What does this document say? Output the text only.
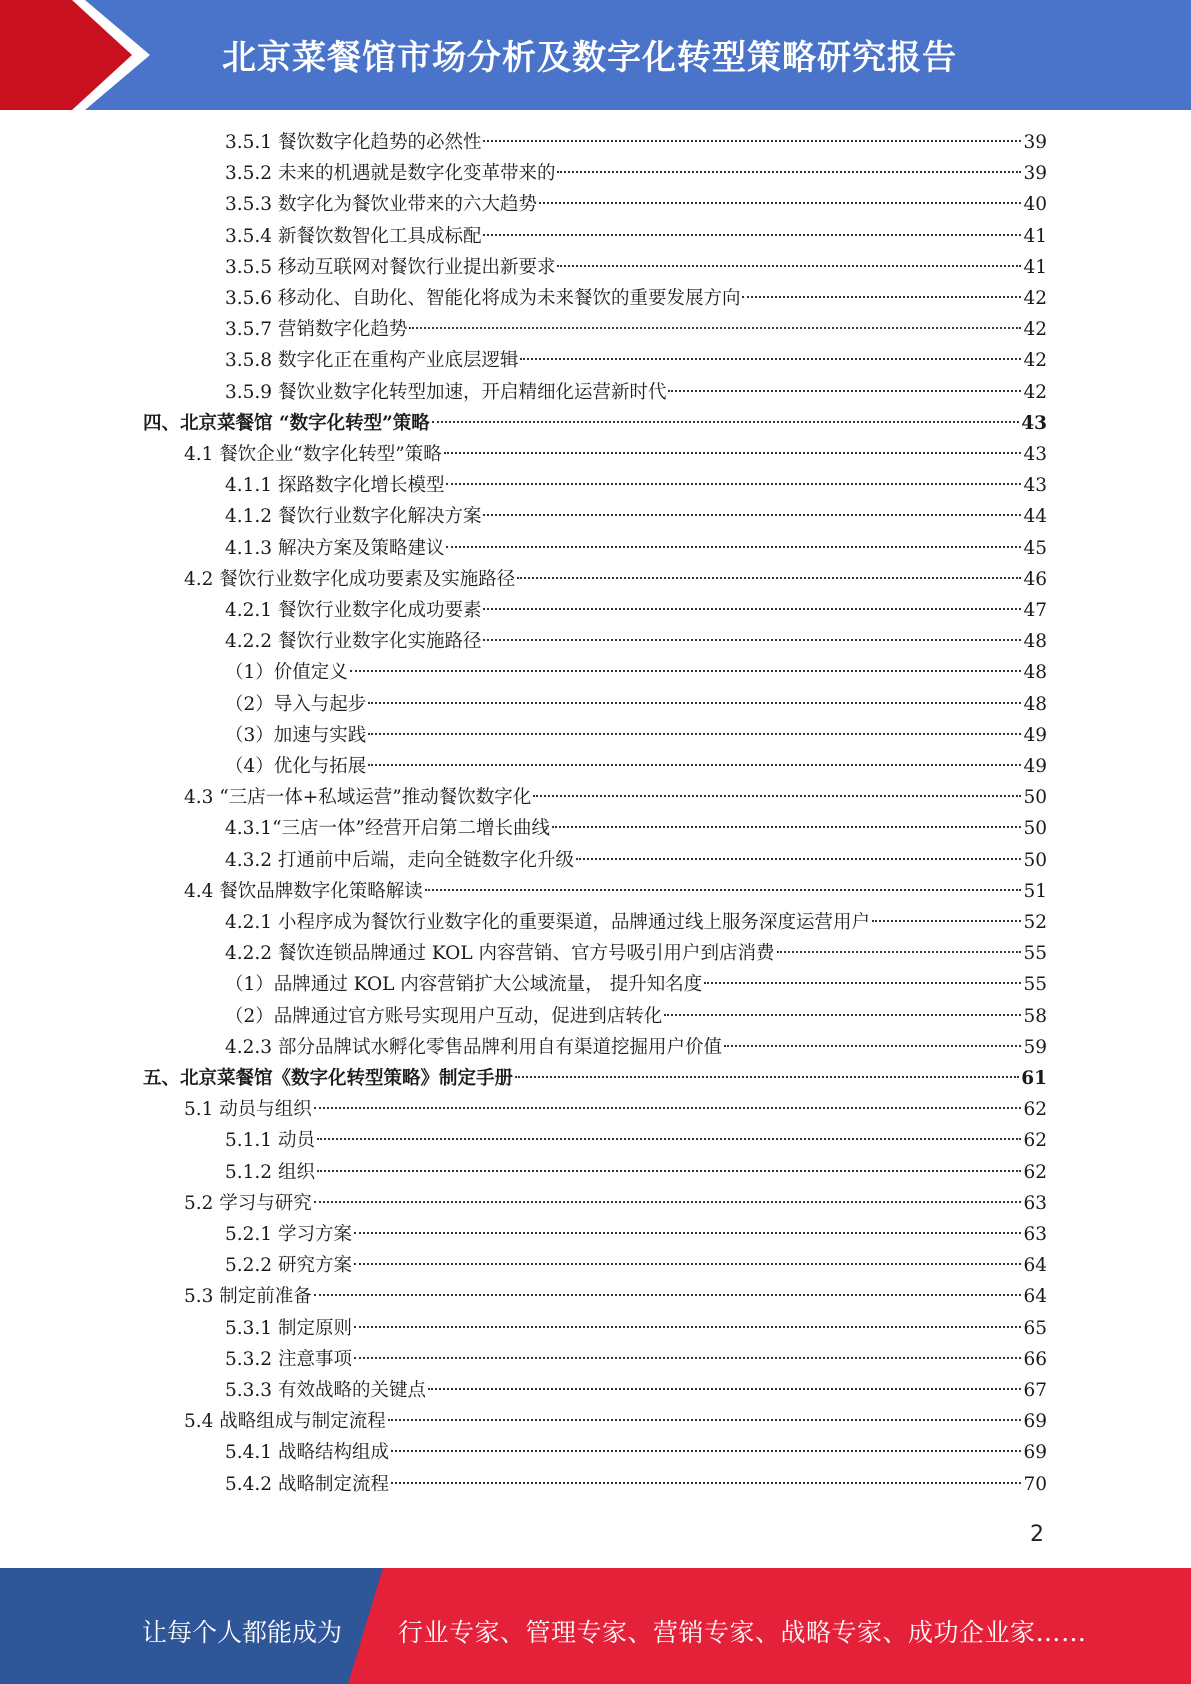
北京菜餐馆市场分析及数字化转型策略研究报告
3.5.1 餐饮数字化趋势的必然性	39
3.5.2 未来的机遇就是数字化变革带来的	39
3.5.3 数字化为餐饮业带来的六大趋势	40
3.5.4 新餐饮数智化工具成标配	41
3.5.5 移动互联网对餐饮行业提出新要求	41
3.5.6 移动化、自助化、智能化将成为未来餐饮的重要发展方向	42
3.5.7 营销数字化趋势	42
3.5.8 数字化正在重构产业底层逻辑	42
3.5.9 餐饮业数字化转型加速，开启精细化运营新时代	42
四、北京菜餐馆 “数字化转型”策略	43
4.1 餐饮企业“数字化转型”策略	43
4.1.1 探路数字化增长模型	43
4.1.2 餐饮行业数字化解决方案	44
4.1.3 解决方案及策略建议	45
4.2 餐饮行业数字化成功要素及实施路径	46
4.2.1 餐饮行业数字化成功要素	47
4.2.2 餐饮行业数字化实施路径	48
（1）价值定义	48
（2）导入与起步	48
（3）加速与实践	49
（4）优化与拓展	49
4.3 “三店一体+私域运营”推动餐饮数字化	50
4.3.1“三店一体”经营开启第二增长曲线	50
4.3.2 打通前中后端，走向全链数字化升级	50
4.4 餐饮品牌数字化策略解读	51
4.2.1 小程序成为餐饮行业数字化的重要渠道，品牌通过线上服务深度运营用户	52
4.2.2 餐饮连锁品牌通过 KOL 内容营销、官方号吸引用户到店消费	55
（1）品牌通过 KOL 内容营销扩大公域流量， 提升知名度	55
（2）品牌通过官方账号实现用户互动，促进到店转化	58
4.2.3 部分品牌试水孵化零售品牌利用自有渠道挖掘用户价值	59
五、北京菜餐馆《数字化转型策略》制定手册	61
5.1 动员与组织	62
5.1.1 动员	62
5.1.2 组织	62
5.2 学习与研究	63
5.2.1 学习方案	63
5.2.2 研究方案	64
5.3 制定前准备	64
5.3.1 制定原则	65
5.3.2 注意事项	66
5.3.3 有效战略的关键点	67
5.4 战略组成与制定流程	69
5.4.1 战略结构组成	69
5.4.2 战略制定流程	70
2
让每个人都能成为 行业专家、管理专家、营销专家、战略专家、成功企业家……
